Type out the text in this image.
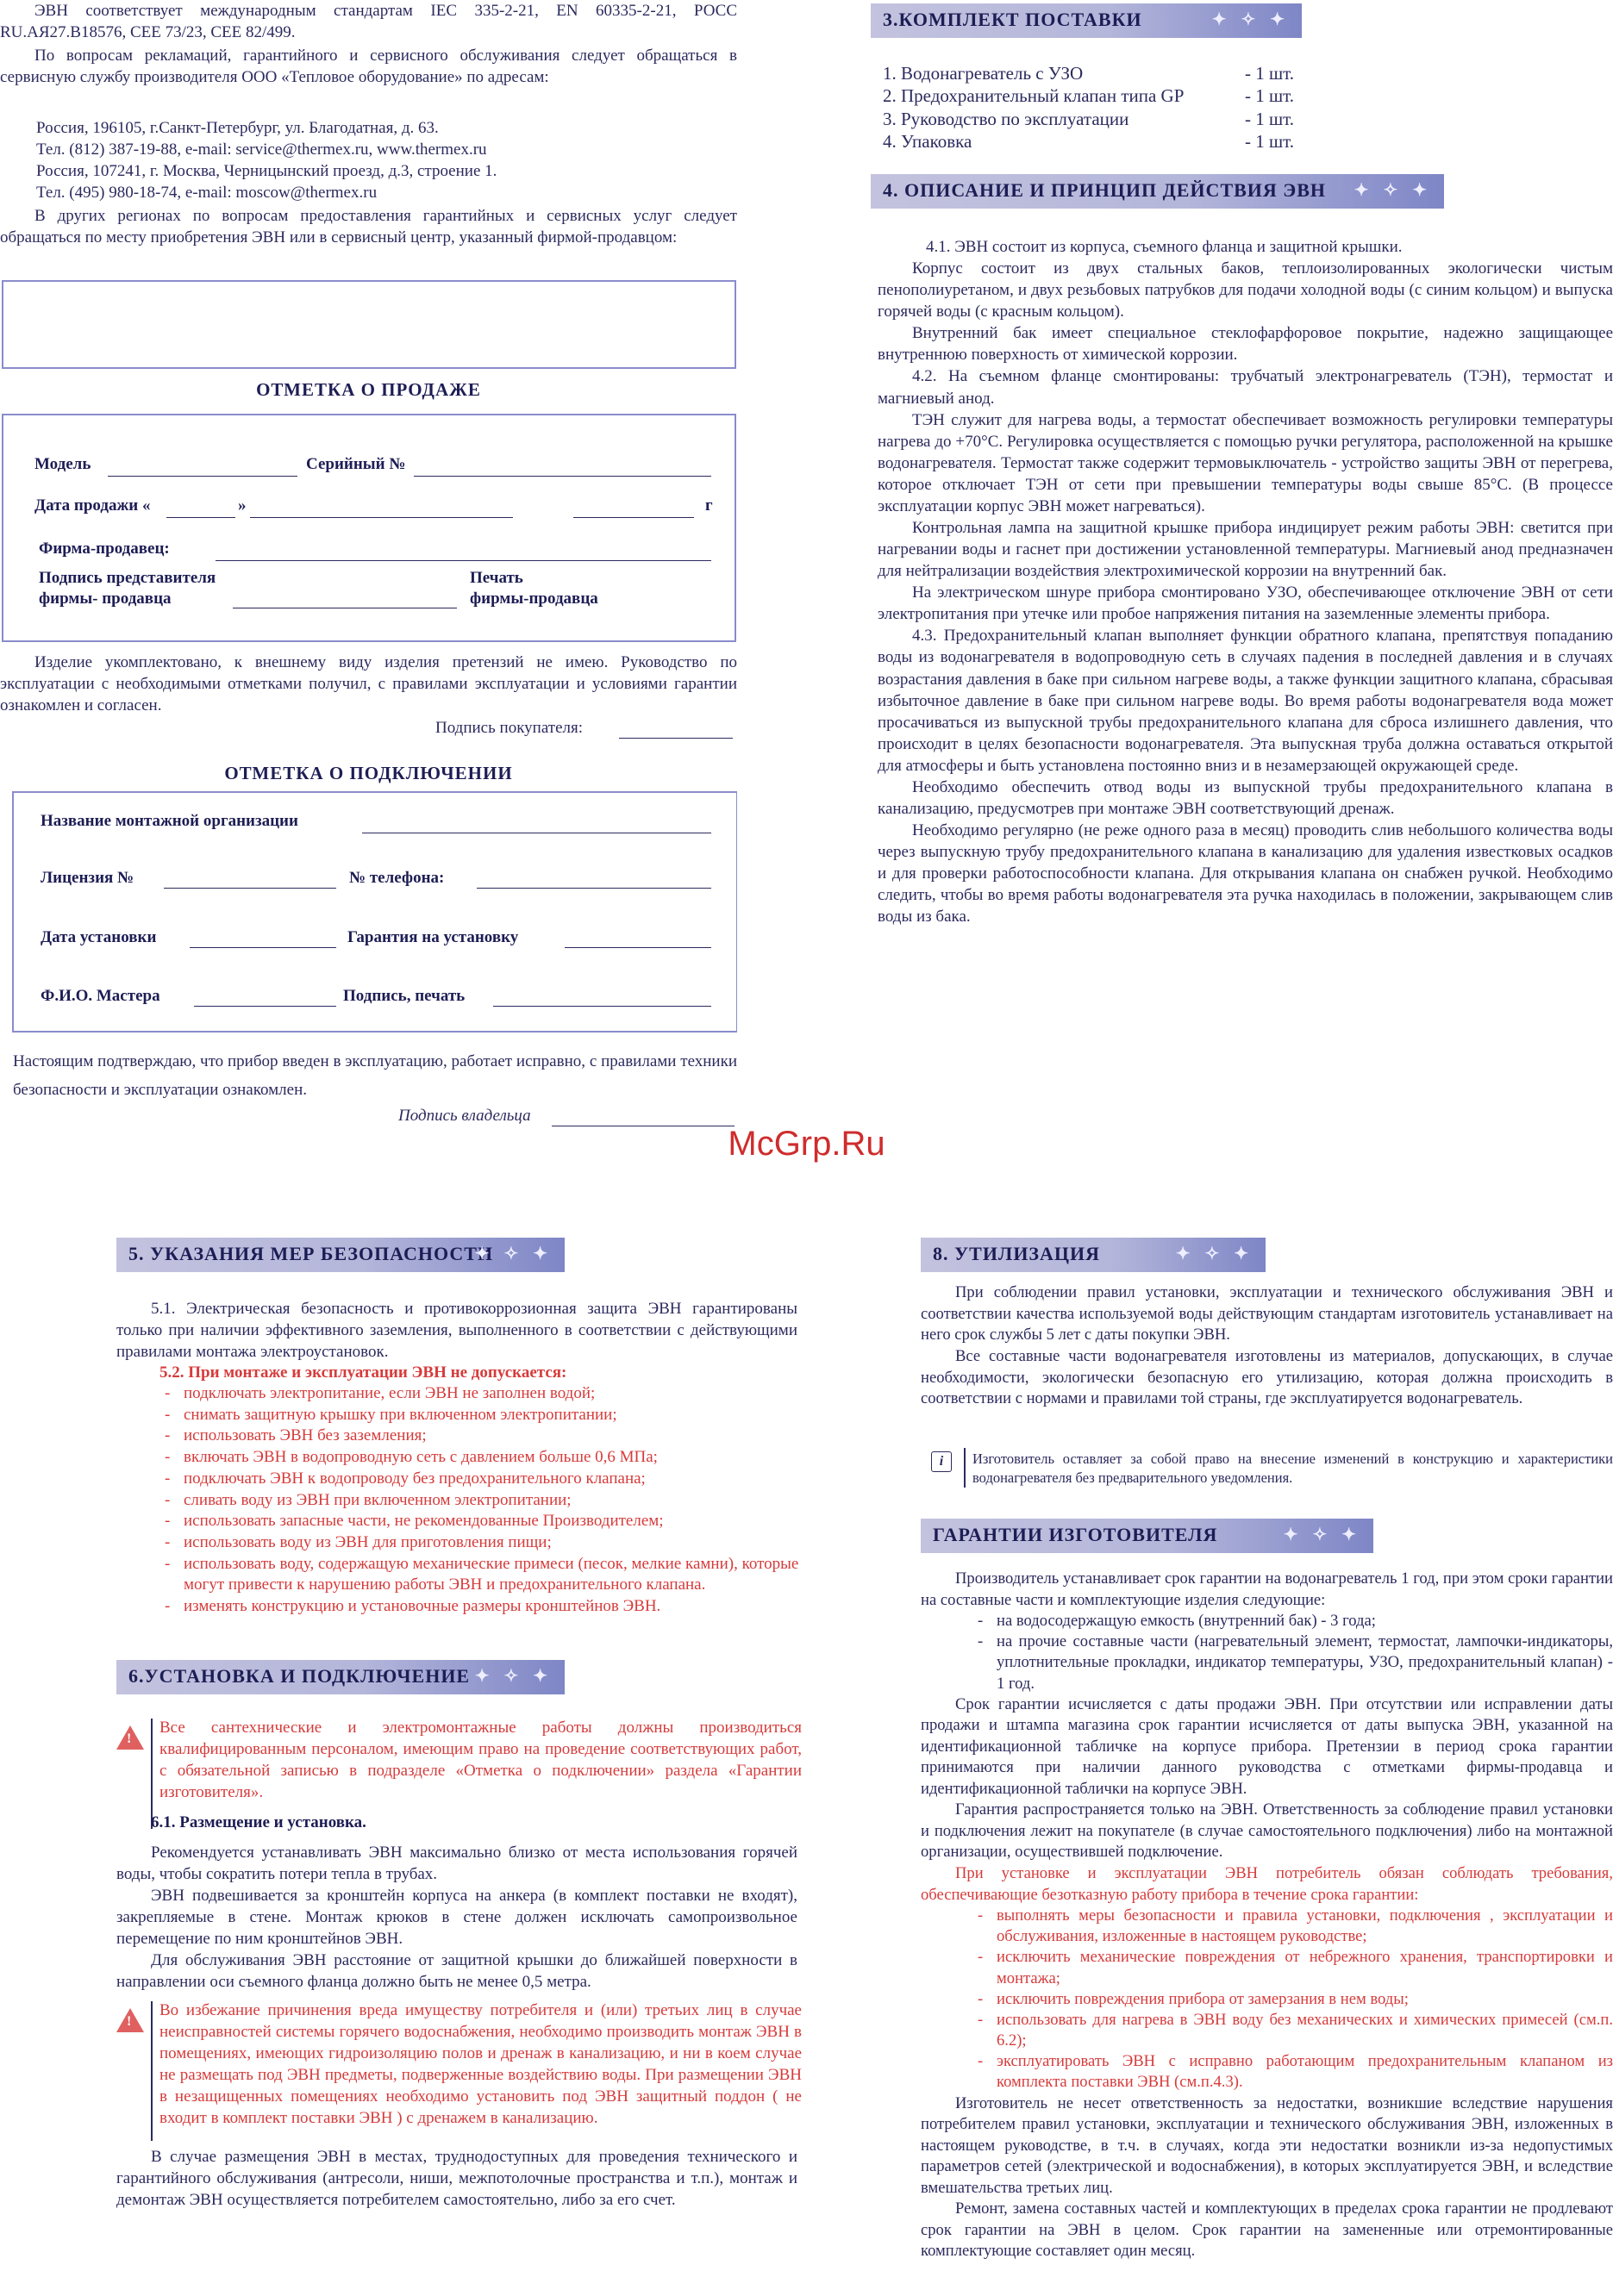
ЭВН соответствует международным стандартам IEC 335-2-21, EN 60335-2-21, РОСС RU.АЯ27.B18576, CEE 73/23, CEE 82/499.

По вопросам рекламаций, гарантийного и сервисного обслуживания следует обращаться в сервисную службу производителя ООО «Тепловое оборудование» по адресам:

Россия, 196105, г.Санкт-Петербург, ул. Благодатная, д. 63.

Тел. (812) 387-19-88, e-mail: service@thermex.ru, www.thermex.ru

Россия, 107241, г. Москва, Черницынский проезд, д.3, строение 1.

Тел. (495) 980-18-74, e-mail: moscow@thermex.ru

В других регионах по вопросам предоставления гарантийных и сервисных услуг следует обращаться по месту приобретения ЭВН или в сервисный центр, указанный фирмой-продавцом:

ОТМЕТКА О ПРОДАЖЕ
Модель	Серийный №
Дата продажи «	»	г
Фирма-продавец:
Подпись представителя
фирмы- продавца
Печать
фирмы-продавца

Изделие укомплектовано, к внешнему виду изделия претензий не имею. Руководство по эксплуатации с необходимыми отметками получил, с правилами эксплуатации и условиями гарантии ознакомлен и согласен.

Подпись покупателя:
ОТМЕТКА О ПОДКЛЮЧЕНИИ
Название монтажной организации
Лицензия №	№ телефона:
Дата установки	Гарантия на установку
Ф.И.О. Мастера	Подпись, печать

Настоящим подтверждаю, что прибор введен в эксплуатацию, работает исправно, с правилами техники безопасности и эксплуатации ознакомлен.

Подпись владельца
3.КОМПЛЕКТ ПОСТАВКИ ✦ ✧ ✦
1. Водонагреватель с УЗО	- 1 шт.
2. Предохранительный клапан типа GP	- 1 шт.
3. Руководство по эксплуатации	- 1 шт.
4. Упаковка	- 1 шт.
4. ОПИСАНИЕ И ПРИНЦИП ДЕЙСТВИЯ ЭВН ✦ ✧ ✦

4.1. ЭВН состоит из корпуса, съемного фланца и защитной крышки.

Корпус состоит из двух стальных баков, теплоизолированных экологически чистым пенополиуретаном, и двух резьбовых патрубков для подачи холодной воды (с синим кольцом) и выпуска горячей воды (с красным кольцом).

Внутренний бак имеет специальное стеклофарфоровое покрытие, надежно защищающее внутреннюю поверхность от химической коррозии.

4.2. На съемном фланце смонтированы: трубчатый электронагреватель (ТЭН), термостат и магниевый анод.

ТЭН служит для нагрева воды, а термостат обеспечивает возможность регулировки температуры нагрева до +70°С. Регулировка осуществляется с помощью ручки регулятора, расположенной на крышке водонагревателя. Термостат также содержит термовыключатель - устройство защиты ЭВН от перегрева, которое отключает ТЭН от сети при превышении температуры воды свыше 85°С. (В процессе эксплуатации корпус ЭВН может нагреваться).

Контрольная лампа на защитной крышке прибора индицирует режим работы ЭВН: светится при нагревании воды и гаснет при достижении установленной температуры. Магниевый анод предназначен для нейтрализации воздействия электрохимической коррозии на внутренний бак.

На электрическом шнуре прибора смонтировано УЗО, обеспечивающее отключение ЭВН от сети электропитания при утечке или пробое напряжения питания на заземленные элементы прибора.

4.3. Предохранительный клапан выполняет функции обратного клапана, препятствуя попаданию воды из водонагревателя в водопроводную сеть в случаях падения в последней давления и в случаях возрастания давления в баке при сильном нагреве воды, а также функции защитного клапана, сбрасывая избыточное давление в баке при сильном нагреве воды. Во время работы водонагревателя вода может просачиваться из выпускной трубы предохранительного клапана для сброса излишнего давления, что происходит в целях безопасности водонагревателя. Эта выпускная труба должна оставаться открытой для атмосферы и быть установлена постоянно вниз и в незамерзающей окружающей среде.

Необходимо обеспечить отвод воды из выпускной трубы предохранительного клапана в канализацию, предусмотрев при монтаже ЭВН соответствующий дренаж.

Необходимо регулярно (не реже одного раза в месяц) проводить слив небольшого количества воды через выпускную трубу предохранительного клапана в канализацию для удаления известковых осадков и для проверки работоспособности клапана. Для открывания клапана он снабжен ручкой. Необходимо следить, чтобы во время работы водонагревателя эта ручка находилась в положении, закрывающем слив воды из бака.

McGrp.Ru
5. УКАЗАНИЯ МЕР БЕЗОПАСНОСТИ ✦ ✧ ✦

5.1. Электрическая безопасность и противокоррозионная защита ЭВН гарантированы только при наличии эффективного заземления, выполненного в соответствии с действующими правилами монтажа электроустановок.

5.2. При монтаже и эксплуатации ЭВН не допускается:
- подключать электропитание, если ЭВН не заполнен водой;
- снимать защитную крышку при включенном электропитании;
- использовать ЭВН без заземления;
- включать ЭВН в водопроводную сеть с давлением больше 0,6 МПа;
- подключать ЭВН к водопроводу без предохранительного клапана;
- сливать воду из ЭВН при включенном электропитании;
- использовать запасные части, не рекомендованные Производителем;
- использовать воду из ЭВН для приготовления пищи;
- использовать воду, содержащую механические примеси (песок, мелкие камни), которые могут привести к нарушению работы ЭВН и предохранительного клапана.
- изменять конструкцию и установочные размеры кронштейнов ЭВН.
6.УСТАНОВКА И ПОДКЛЮЧЕНИЕ ✦ ✧ ✦
!

Все сантехнические и электромонтажные работы должны производиться квалифицированным персоналом, имеющим право на проведение соответствующих работ, с обязательной записью в подразделе «Отметка о подключении» раздела «Гарантии изготовителя».

6.1. Размещение и установка.

Рекомендуется устанавливать ЭВН максимально близко от места использования горячей воды, чтобы сократить потери тепла в трубах.

ЭВН подвешивается за кронштейн корпуса на анкера (в комплект поставки не входят), закрепляемые в стене. Монтаж крюков в стене должен исключать самопроизвольное перемещение по ним кронштейнов ЭВН.

Для обслуживания ЭВН расстояние от защитной крышки до ближайшей поверхности в направлении оси съемного фланца должно быть не менее 0,5 метра.

!

Во избежание причинения вреда имуществу потребителя и (или) третьих лиц в случае неисправностей системы горячего водоснабжения, необходимо производить монтаж ЭВН в помещениях, имеющих гидроизоляцию полов и дренаж в канализацию, и ни в коем случае не размещать под ЭВН предметы, подверженные воздействию воды. При размещении ЭВН в незащищенных помещениях необходимо установить под ЭВН защитный поддон ( не входит в комплект поставки ЭВН ) с дренажем в канализацию.

В случае размещения ЭВН в местах, труднодоступных для проведения технического и гарантийного обслуживания (антресоли, ниши, межпотолочные пространства и т.п.), монтаж и демонтаж ЭВН осуществляется потребителем самостоятельно, либо за его счет.

8. УТИЛИЗАЦИЯ ✦ ✧ ✦

При соблюдении правил установки, эксплуатации и технического обслуживания ЭВН и соответствии качества используемой воды действующим стандартам изготовитель устанавливает на него срок службы 5 лет с даты покупки ЭВН.

Все составные части водонагревателя изготовлены из материалов, допускающих, в случае необходимости, экологически безопасную его утилизацию, которая должна происходить в соответствии с нормами и правилами той страны, где эксплуатируется водонагреватель.

i	Изготовитель оставляет за собой право на внесение изменений в конструкцию и характеристики водонагревателя без предварительного уведомления.

ГАРАНТИИ ИЗГОТОВИТЕЛЯ ✦ ✧ ✦

Производитель устанавливает срок гарантии на водонагреватель 1 год, при этом сроки гарантии на составные части и комплектующие изделия следующие:

- на водосодержащую емкость (внутренний бак) - 3 года;
- на прочие составные части (нагревательный элемент, термостат, лампочки-индикаторы, уплотнительные прокладки, индикатор температуры, УЗО, предохранительный клапан) - 1 год.

Срок гарантии исчисляется с даты продажи ЭВН. При отсутствии или исправлении даты продажи и штампа магазина срок гарантии исчисляется от даты выпуска ЭВН, указанной на идентификационной табличке на корпусе прибора. Претензии в период срока гарантии принимаются при наличии данного руководства с отметками фирмы-продавца и идентификационной таблички на корпусе ЭВН.

Гарантия распространяется только на ЭВН. Ответственность за соблюдение правил установки и подключения лежит на покупателе (в случае самостоятельного подключения) либо на монтажной организации, осуществившей подключение.

При установке и эксплуатации ЭВН потребитель обязан соблюдать требования, обеспечивающие безотказную работу прибора в течение срока гарантии:

- выполнять меры безопасности и правила установки, подключения , эксплуатации и обслуживания, изложенные в настоящем руководстве;
- исключить механические повреждения от небрежного хранения, транспортировки и монтажа;
- исключить повреждения прибора от замерзания в нем воды;
- использовать для нагрева в ЭВН воду без механических и химических примесей (см.п. 6.2);
- эксплуатировать ЭВН с исправно работающим предохранительным клапаном из комплекта поставки ЭВН (см.п.4.3).

Изготовитель не несет ответственность за недостатки, возникшие вследствие нарушения потребителем правил установки, эксплуатации и технического обслуживания ЭВН, изложенных в настоящем руководстве, в т.ч. в случаях, когда эти недостатки возникли из-за недопустимых параметров сетей (электрической и водоснабжения), в которых эксплуатируется ЭВН, и вследствие вмешательства третьих лиц.

Ремонт, замена составных частей и комплектующих в пределах срока гарантии не продлевают срок гарантии на ЭВН в целом. Срок гарантии на замененные или отремонтированные комплектующие составляет один месяц.
